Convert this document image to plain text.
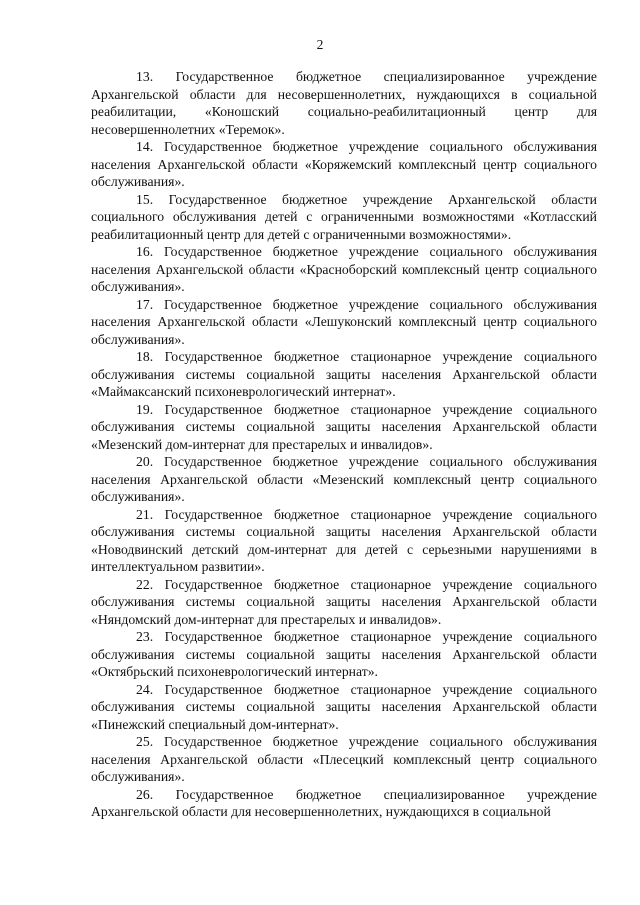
2

13. Государственное бюджетное специализированное учреждение Архангельской области для несовершеннолетних, нуждающихся в социальной реабилитации, «Коношский социально-реабилитационный центр для несовершеннолетних «Теремок».

14. Государственное бюджетное учреждение социального обслуживания населения Архангельской области «Коряжемский комплексный центр социального обслуживания».

15. Государственное бюджетное учреждение Архангельской области социального обслуживания детей с ограниченными возможностями «Котласский реабилитационный центр для детей с ограниченными возможностями».

16. Государственное бюджетное учреждение социального обслуживания населения Архангельской области «Красноборский комплексный центр социального обслуживания».

17. Государственное бюджетное учреждение социального обслуживания населения Архангельской области «Лешуконский комплексный центр социального обслуживания».

18. Государственное бюджетное стационарное учреждение социального обслуживания системы социальной защиты населения Архангельской области «Маймаксанский психоневрологический интернат».

19. Государственное бюджетное стационарное учреждение социального обслуживания системы социальной защиты населения Архангельской области «Мезенский дом-интернат для престарелых и инвалидов».

20. Государственное бюджетное учреждение социального обслуживания населения Архангельской области «Мезенский комплексный центр социального обслуживания».

21. Государственное бюджетное стационарное учреждение социального обслуживания системы социальной защиты населения Архангельской области «Новодвинский детский дом-интернат для детей с серьезными нарушениями в интеллектуальном развитии».

22. Государственное бюджетное стационарное учреждение социального обслуживания системы социальной защиты населения Архангельской области «Няндомский дом-интернат для престарелых и инвалидов».

23. Государственное бюджетное стационарное учреждение социального обслуживания системы социальной защиты населения Архангельской области «Октябрьский психоневрологический интернат».

24. Государственное бюджетное стационарное учреждение социального обслуживания системы социальной защиты населения Архангельской области «Пинежский специальный дом-интернат».

25. Государственное бюджетное учреждение социального обслуживания населения Архангельской области «Плесецкий комплексный центр социального обслуживания».

26. Государственное бюджетное специализированное учреждение Архангельской области для несовершеннолетних, нуждающихся в социальной
